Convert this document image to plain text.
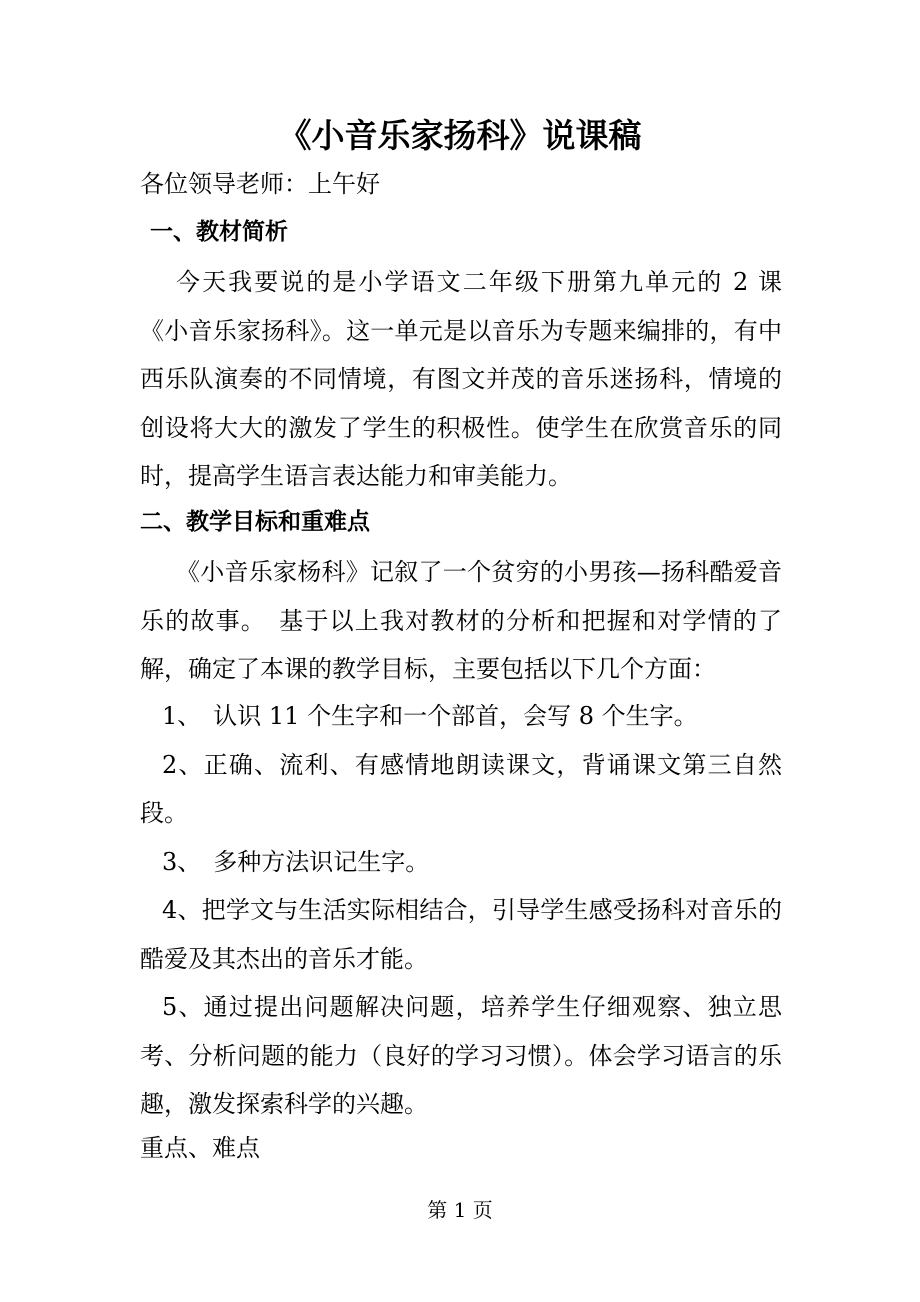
《小音乐家扬科》说课稿

各位领导老师：上午好

一、教材简析

今天我要说的是小学语文二年级下册第九单元的 2 课《小音乐家扬科》。这一单元是以音乐为专题来编排的，有中西乐队演奏的不同情境，有图文并茂的音乐迷扬科，情境的创设将大大的激发了学生的积极性。使学生在欣赏音乐的同时，提高学生语言表达能力和审美能力。

二、教学目标和重难点

《小音乐家杨科》记叙了一个贫穷的小男孩—扬科酷爱音乐的故事。　基于以上我对教材的分析和把握和对学情的了解，确定了本课的教学目标，主要包括以下几个方面：

1、　认识 11 个生字和一个部首，会写 8 个生字。
2、正确、流利、有感情地朗读课文，背诵课文第三自然段。
3、　多种方法识记生字。
4、把学文与生活实际相结合，引导学生感受扬科对音乐的酷爱及其杰出的音乐才能。
5、通过提出问题解决问题，培养学生仔细观察、独立思考、分析问题的能力（良好的学习习惯）。体会学习语言的乐趣，激发探索科学的兴趣。

重点、难点

第 1 页
